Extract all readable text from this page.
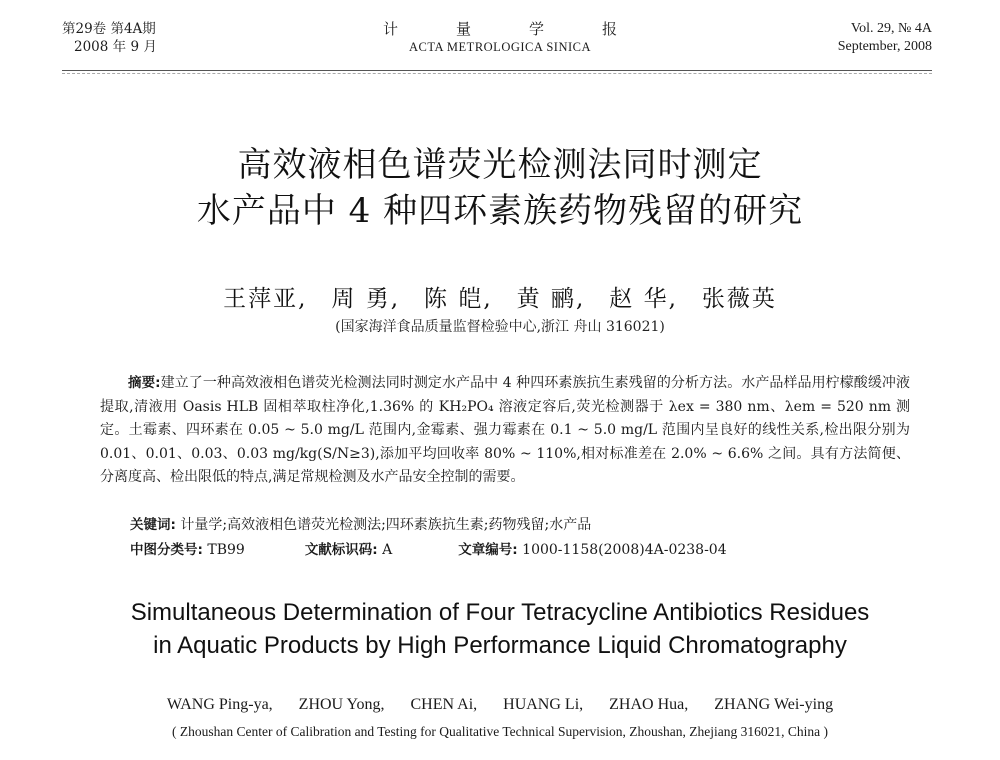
第29卷 第4A期
2008 年 9 月
计量学报
ACTA METROLOGICA SINICA
Vol. 29, № 4A
September, 2008
高效液相色谱荧光检测法同时测定
水产品中 4 种四环素族药物残留的研究
王萍亚, 周 勇, 陈 皑, 黄 鹂, 赵 华, 张薇英
(国家海洋食品质量监督检验中心,浙江 舟山 316021)
摘要:建立了一种高效液相色谱荧光检测法同时测定水产品中 4 种四环素族抗生素残留的分析方法。水产品样品用柠檬酸缓冲液提取,清液用 Oasis HLB 固相萃取柱净化,1.36% 的 KH₂PO₄ 溶液定容后,荧光检测器于 λex = 380 nm、λem = 520 nm 测定。土霉素、四环素在 0.05 ~ 5.0 mg/L 范围内,金霉素、强力霉素在 0.1 ~ 5.0 mg/L 范围内呈良好的线性关系,检出限分别为 0.01、0.01、0.03、0.03 mg/kg(S/N≥3),添加平均回收率 80% ~ 110%,相对标准差在 2.0% ~ 6.6% 之间。具有方法简便、分离度高、检出限低的特点,满足常规检测及水产品安全控制的需要。
关键词: 计量学;高效液相色谱荧光检测法;四环素族抗生素;药物残留;水产品
中图分类号: TB99	文献标识码: A	文章编号: 1000-1158(2008)4A-0238-04
Simultaneous Determination of Four Tetracycline Antibiotics Residues
in Aquatic Products by High Performance Liquid Chromatography
WANG Ping-ya, ZHOU Yong, CHEN Ai, HUANG Li, ZHAO Hua, ZHANG Wei-ying
( Zhoushan Center of Calibration and Testing for Qualitative Technical Supervision, Zhoushan, Zhejiang 316021, China )
